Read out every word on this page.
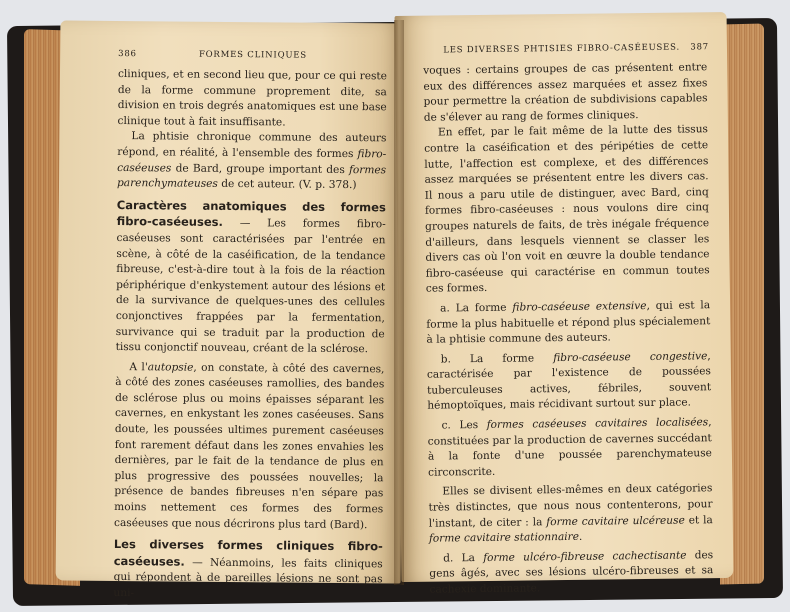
386	FORMES CLINIQUES

cliniques, et en second lieu que, pour ce qui reste de la forme commune proprement dite, sa division en trois degrés anatomiques est une base clinique tout à fait insuffisante.

La phtisie chronique commune des auteurs répond, en réalité, à l'ensemble des formes fibro-caséeuses de Bard, groupe important des formes parenchymateuses de cet auteur. (V. p. 378.)

Caractères anatomiques des formes fibro-caséeuses. — Les formes fibro-caséeuses sont caractérisées par l'entrée en scène, à côté de la caséification, de la tendance fibreuse, c'est-à-dire tout à la fois de la réaction périphérique d'enkystement autour des lésions et de la survivance de quelques-unes des cellules conjonctives frappées par la fermentation, survivance qui se traduit par la production de tissu conjonctif nouveau, créant de la sclérose.

A l'autopsie, on constate, à côté des cavernes, à côté des zones caséeuses ramollies, des bandes de sclérose plus ou moins épaisses séparant les cavernes, en enkystant les zones caséeuses. Sans doute, les poussées ultimes purement caséeuses font rarement défaut dans les zones envahies les dernières, par le fait de la tendance de plus en plus progressive des poussées nouvelles; la présence de bandes fibreuses n'en sépare pas moins nettement ces formes des formes caséeuses que nous décrirons plus tard (Bard).

Les diverses formes cliniques fibro-caséeuses. — Néanmoins, les faits cliniques qui répondent à de pareilles lésions ne sont pas uni-

LES DIVERSES PHTISIES FIBRO-CASÉEUSES. 387

voques : certains groupes de cas présentent entre eux des différences assez marquées et assez fixes pour permettre la création de subdivisions capables de s'élever au rang de formes cliniques.

En effet, par le fait même de la lutte des tissus contre la caséification et des péripéties de cette lutte, l'affection est complexe, et des différences assez marquées se présentent entre les divers cas. Il nous a paru utile de distinguer, avec Bard, cinq formes fibro-caséeuses : nous voulons dire cinq groupes naturels de faits, de très inégale fréquence d'ailleurs, dans lesquels viennent se classer les divers cas où l'on voit en œuvre la double tendance fibro-caséeuse qui caractérise en commun toutes ces formes.

a. La forme fibro-caséeuse extensive, qui est la forme la plus habituelle et répond plus spécialement à la phtisie commune des auteurs.

b. La forme fibro-caséeuse congestive, caractérisée par l'existence de poussées tuberculeuses actives, fébriles, souvent hémoptoïques, mais récidivant surtout sur place.

c. Les formes caséeuses cavitaires localisées, constituées par la production de cavernes succédant à la fonte d'une poussée parenchymateuse circonscrite.

Elles se divisent elles-mêmes en deux catégories très distinctes, que nous nous contenterons, pour l'instant, de citer : la forme cavitaire ulcéreuse et la forme cavitaire stationnaire.

d. La forme ulcéro-fibreuse cachectisante des gens âgés, avec ses lésions ulcéro-fibreuses et sa cachexie dominante.
